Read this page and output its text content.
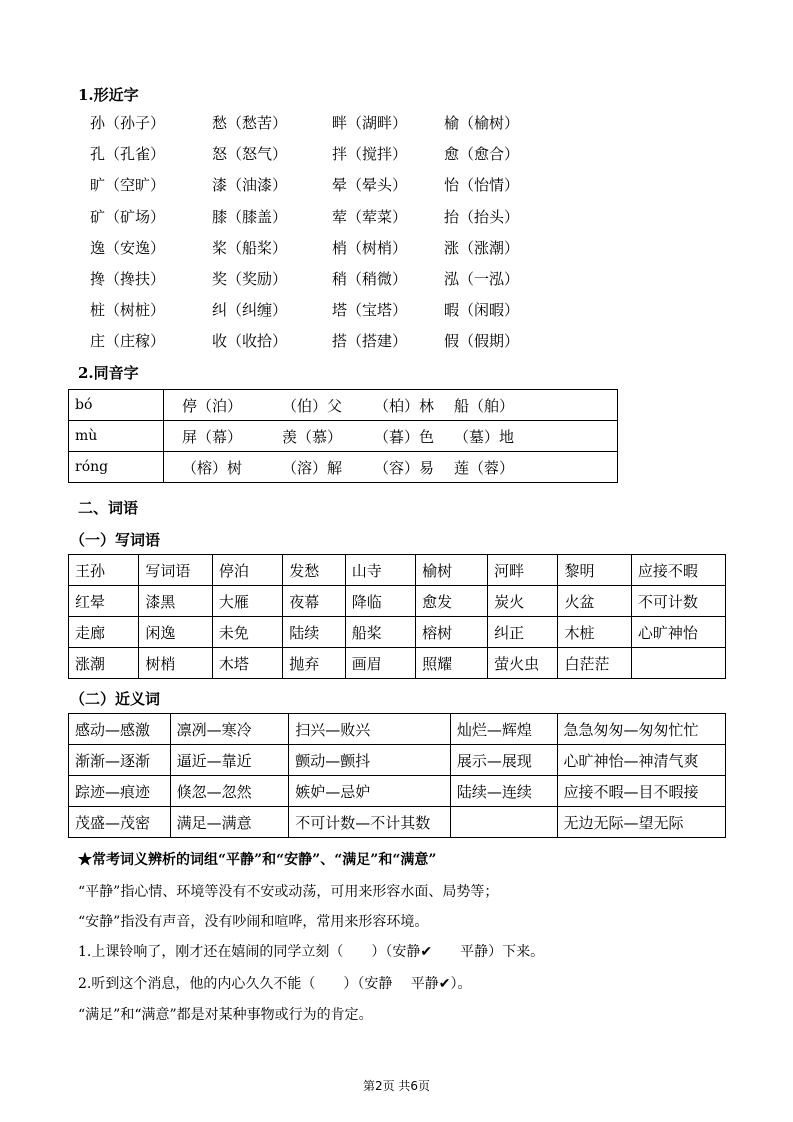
1.形近字
孙（孙子）	愁（愁苦）	畔（湖畔） 榆（榆树）
孔（孔雀）	怒（怒气）	拌（搅拌） 愈（愈合）
旷（空旷）	漆（油漆）	晕（晕头） 怡（怡情）
矿（矿场）	膝（膝盖）	荤（荤菜） 抬（抬头）
逸（安逸）	桨（船桨）	梢（树梢） 涨（涨潮）
搀（搀扶）	奖（奖励）	稍（稍微） 泓（一泓）
桩（树桩）	纠（纠缠）	塔（宝塔） 暇（闲暇）
庄（庄稼）	收（收拾）	搭（搭建） 假（假期）
2.同音字
bó	停（泊） （伯）父 （柏）林 船（舶）
mù	屏（幕） 羡（慕） （暮）色 （墓）地
róng	（榕）树 （溶）解 （容）易 莲（蓉）
二、词语
（一）写词语
王孙	写词语	停泊	发愁	山寺	榆树	河畔	黎明	应接不暇
红晕	漆黑	大雁	夜幕	降临	愈发	炭火	火盆	不可计数
走廊	闲逸	未免	陆续	船桨	榕树	纠正	木桩	心旷神怡
涨潮	树梢	木塔	抛弃	画眉	照耀	萤火虫	白茫茫	
（二）近义词
感动—感激	凛冽—寒冷	扫兴—败兴	灿烂—辉煌	急急匆匆—匆匆忙忙
渐渐—逐渐	逼近—靠近	颤动—颤抖	展示—展现	心旷神怡—神清气爽
踪迹—痕迹	倏忽—忽然	嫉妒—忌妒	陆续—连续	应接不暇—目不暇接
茂盛—茂密	满足—满意	不可计数—不计其数		无边无际—望无际
★常考词义辨析的词组“平静”和“安静”、“满足”和“满意”
“平静”指心情、环境等没有不安或动荡，可用来形容水面、局势等；
“安静”指没有声音，没有吵闹和喧哗，常用来形容环境。
1.上课铃响了，刚才还在嬉闹的同学立刻（　　）（安静✔　　平静）下来。
2.听到这个消息，他的内心久久不能（　　）（安静　 平静✔）。
“满足”和“满意”都是对某种事物或行为的肯定。
第2页 共6页
